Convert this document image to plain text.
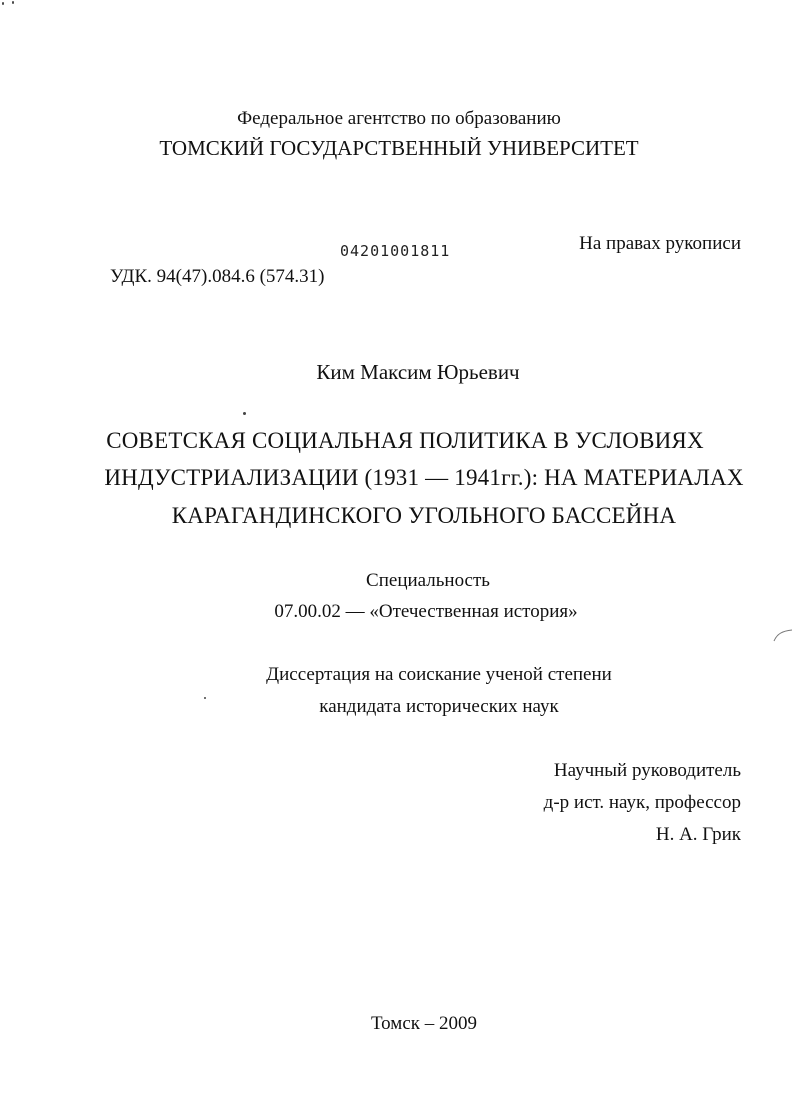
Федеральное агентство по образованию
ТОМСКИЙ ГОСУДАРСТВЕННЫЙ УНИВЕРСИТЕТ
04201001811	На правах рукописи
УДК. 94(47).084.6 (574.31)
Ким Максим Юрьевич
СОВЕТСКАЯ СОЦИАЛЬНАЯ ПОЛИТИКА В УСЛОВИЯХ
ИНДУСТРИАЛИЗАЦИИ (1931 — 1941гг.): НА МАТЕРИАЛАХ
КАРАГАНДИНСКОГО УГОЛЬНОГО БАССЕЙНА
Специальность
07.00.02 — «Отечественная история»
Диссертация на соискание ученой степени
кандидата исторических наук
Научный руководитель
д-р ист. наук, профессор
Н. А. Грик
Томск – 2009
